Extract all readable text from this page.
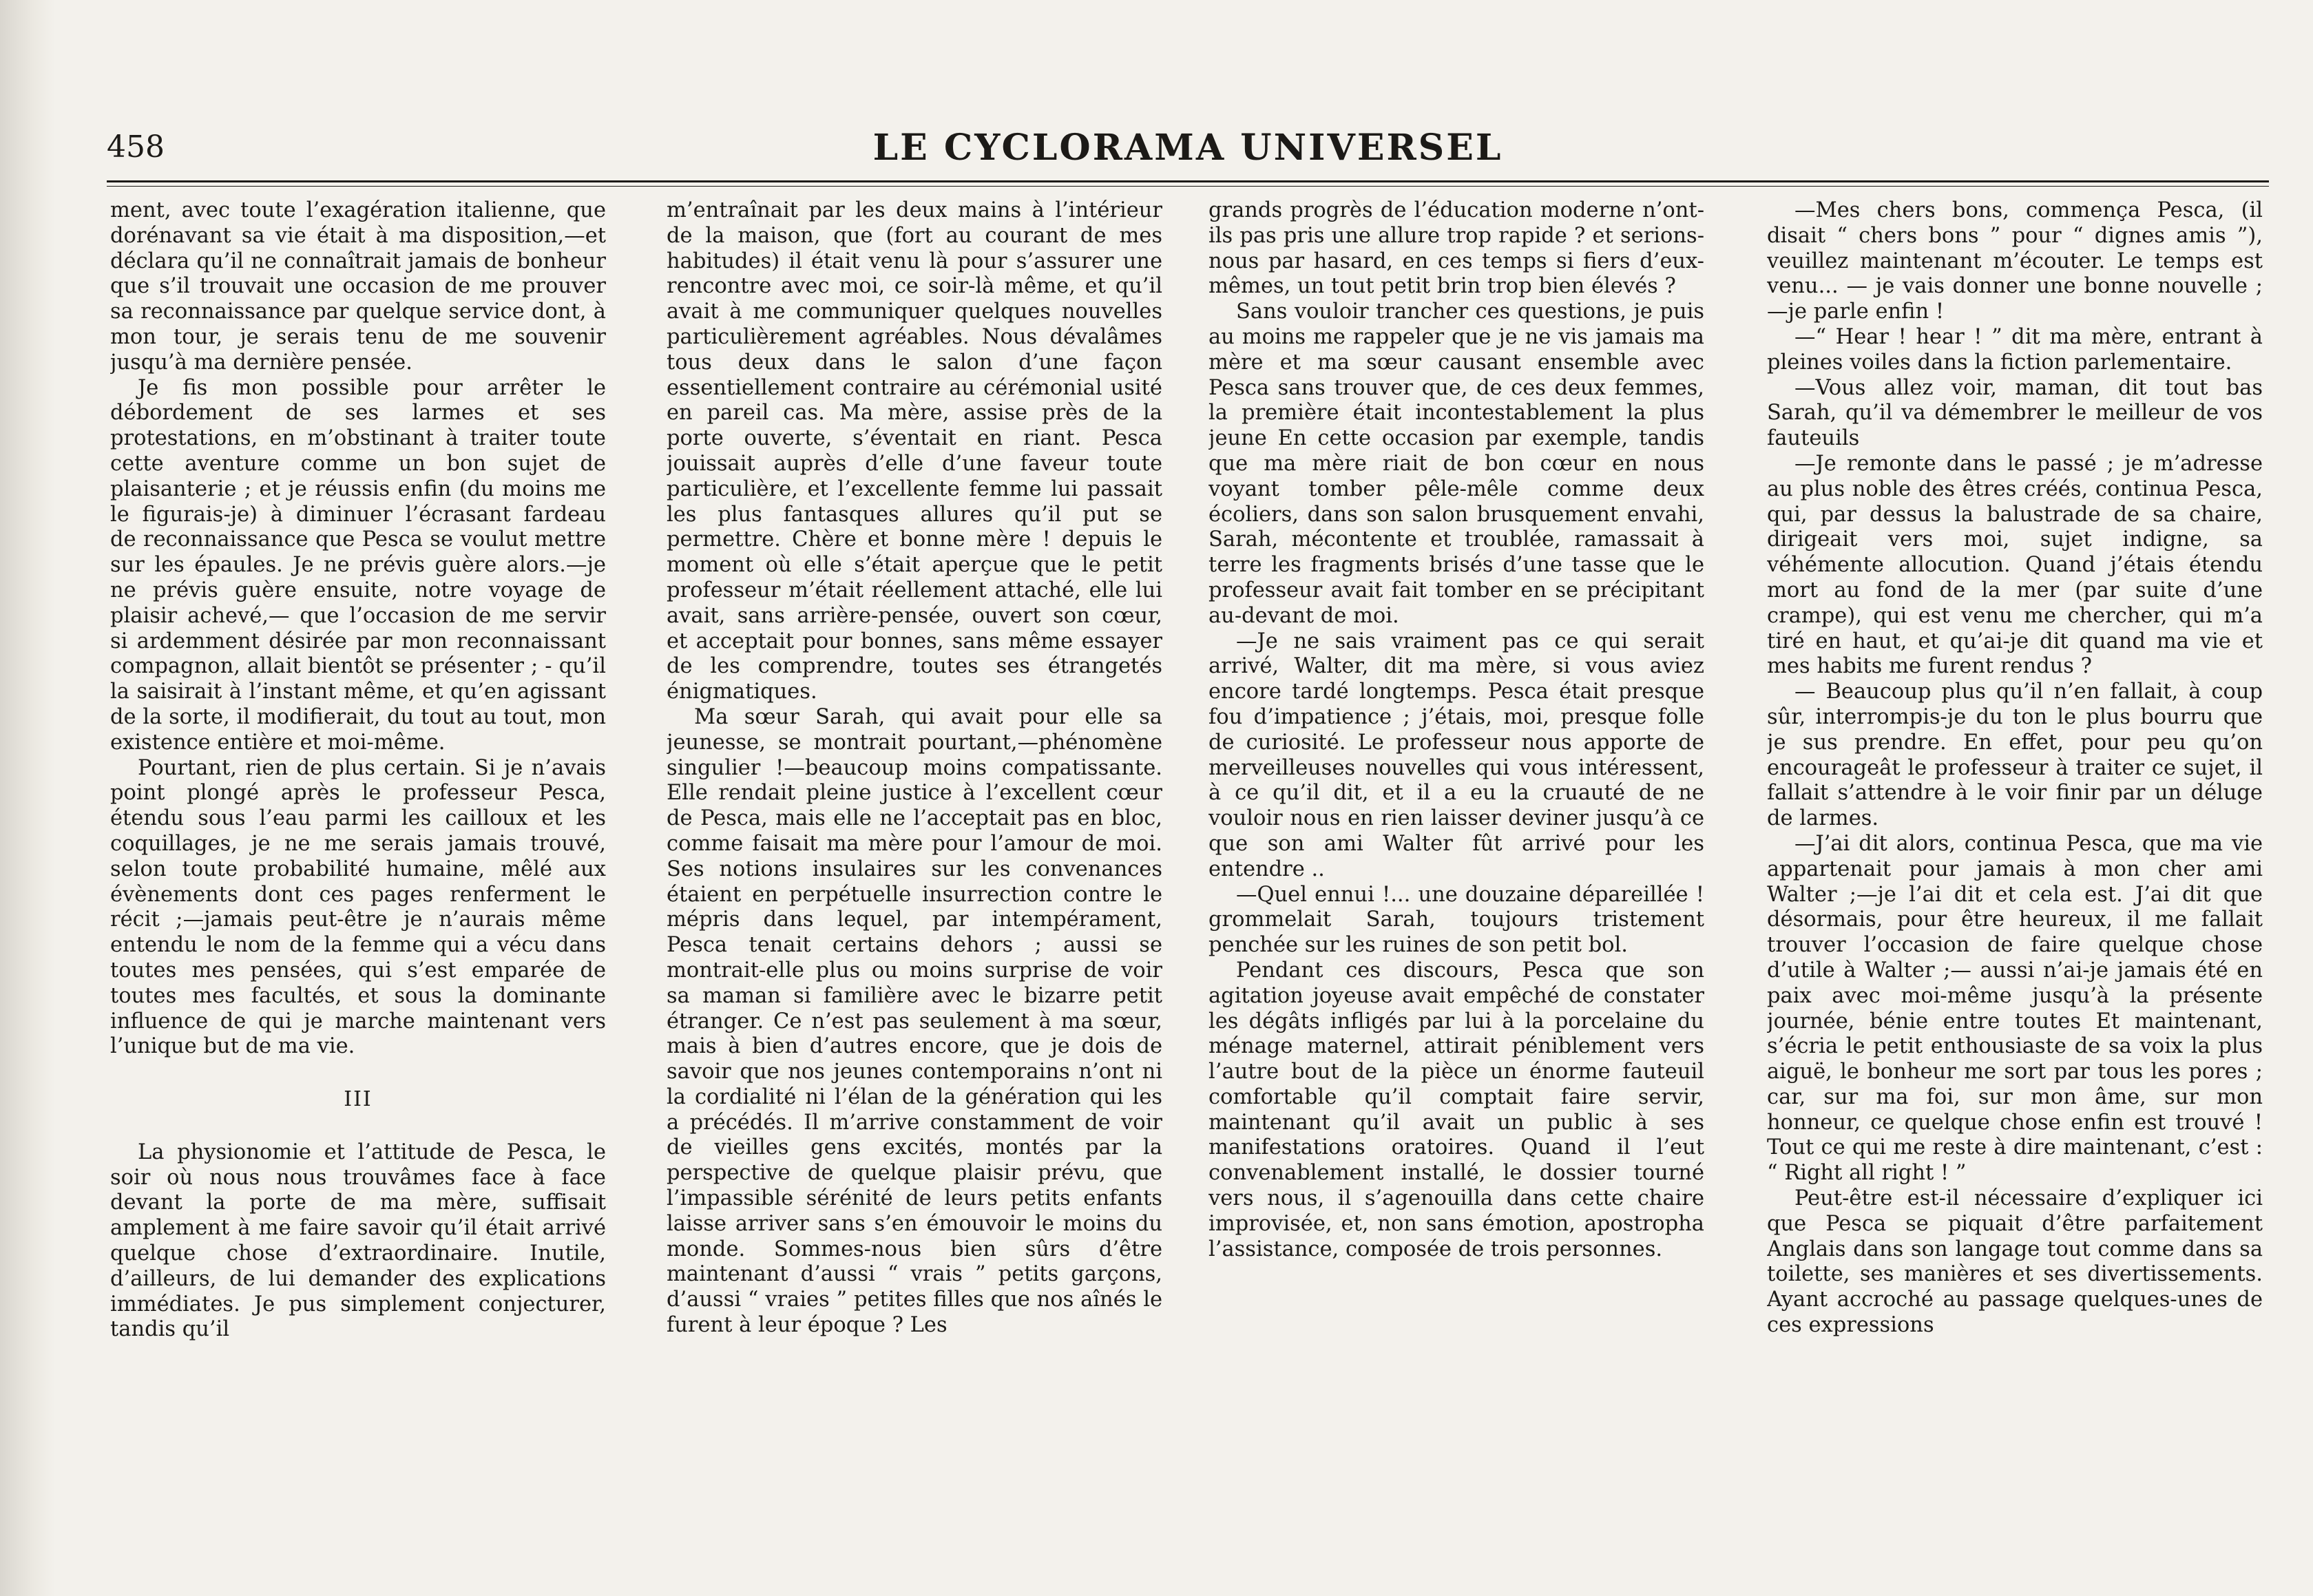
458	LE CYCLORAMA UNIVERSEL

ment, avec toute l’exagération italienne, que dorénavant sa vie était à ma disposition,—et déclara qu’il ne connaîtrait jamais de bonheur que s’il trouvait une occasion de me prouver sa reconnaissance par quelque service dont, à mon tour, je serais tenu de me souvenir jusqu’à ma dernière pensée.

Je fis mon possible pour arrêter le débordement de ses larmes et ses protestations, en m’obstinant à traiter toute cette aventure comme un bon sujet de plaisanterie ; et je réussis enfin (du moins me le figurais-je) à diminuer l’écrasant fardeau de reconnaissance que Pesca se voulut mettre sur les épaules. Je ne prévis guère alors.—je ne prévis guère ensuite, notre voyage de plaisir achevé,— que l’occasion de me servir si ardemment désirée par mon reconnaissant compagnon, allait bientôt se présenter ; - qu’il la saisirait à l’instant même, et qu’en agissant de la sorte, il modifierait, du tout au tout, mon existence entière et moi-même.

Pourtant, rien de plus certain. Si je n’avais point plongé après le professeur Pesca, étendu sous l’eau parmi les cailloux et les coquillages, je ne me serais jamais trouvé, selon toute probabilité humaine, mêlé aux évènements dont ces pages renferment le récit ;—jamais peut-être je n’aurais même entendu le nom de la femme qui a vécu dans toutes mes pensées, qui s’est emparée de toutes mes facultés, et sous la dominante influence de qui je marche maintenant vers l’unique but de ma vie.

III

La physionomie et l’attitude de Pesca, le soir où nous nous trouvâmes face à face devant la porte de ma mère, suffisait amplement à me faire savoir qu’il était arrivé quelque chose d’extraordinaire. Inutile, d’ailleurs, de lui demander des explications immédiates. Je pus simplement conjecturer, tandis qu’il

m’entraînait par les deux mains à l’intérieur de la maison, que (fort au courant de mes habitudes) il était venu là pour s’assurer une rencontre avec moi, ce soir-là même, et qu’il avait à me communiquer quelques nouvelles particulièrement agréables. Nous dévalâmes tous deux dans le salon d’une façon essentiellement contraire au cérémonial usité en pareil cas. Ma mère, assise près de la porte ouverte, s’éventait en riant. Pesca jouissait auprès d’elle d’une faveur toute particulière, et l’excellente femme lui passait les plus fantasques allures qu’il put se permettre. Chère et bonne mère ! depuis le moment où elle s’était aperçue que le petit professeur m’était réellement attaché, elle lui avait, sans arrière-pensée, ouvert son cœur, et acceptait pour bonnes, sans même essayer de les comprendre, toutes ses étrangetés énigmatiques.

Ma sœur Sarah, qui avait pour elle sa jeunesse, se montrait pourtant,—phénomène singulier !—beaucoup moins compatissante. Elle rendait pleine justice à l’excellent cœur de Pesca, mais elle ne l’acceptait pas en bloc, comme faisait ma mère pour l’amour de moi. Ses notions insulaires sur les convenances étaient en perpétuelle insurrection contre le mépris dans lequel, par intempérament, Pesca tenait certains dehors ; aussi se montrait-elle plus ou moins surprise de voir sa maman si familière avec le bizarre petit étranger. Ce n’est pas seulement à ma sœur, mais à bien d’autres encore, que je dois de savoir que nos jeunes contemporains n’ont ni la cordialité ni l’élan de la génération qui les a précédés. Il m’arrive constamment de voir de vieilles gens excités, montés par la perspective de quelque plaisir prévu, que l’impassible sérénité de leurs petits enfants laisse arriver sans s’en émouvoir le moins du monde. Sommes-nous bien sûrs d’être maintenant d’aussi “ vrais ” petits garçons, d’aussi “ vraies ” petites filles que nos aînés le furent à leur époque ? Les

grands progrès de l’éducation moderne n’ont-ils pas pris une allure trop rapide ? et serions-nous par hasard, en ces temps si fiers d’eux-mêmes, un tout petit brin trop bien élevés ?

Sans vouloir trancher ces questions, je puis au moins me rappeler que je ne vis jamais ma mère et ma sœur causant ensemble avec Pesca sans trouver que, de ces deux femmes, la première était incontestablement la plus jeune En cette occasion par exemple, tandis que ma mère riait de bon cœur en nous voyant tomber pêle-mêle comme deux écoliers, dans son salon brusquement envahi, Sarah, mécontente et troublée, ramassait à terre les fragments brisés d’une tasse que le professeur avait fait tomber en se précipitant au-devant de moi.

—Je ne sais vraiment pas ce qui serait arrivé, Walter, dit ma mère, si vous aviez encore tardé longtemps. Pesca était presque fou d’impatience ; j’étais, moi, presque folle de curiosité. Le professeur nous apporte de merveilleuses nouvelles qui vous intéressent, à ce qu’il dit, et il a eu la cruauté de ne vouloir nous en rien laisser deviner jusqu’à ce que son ami Walter fût arrivé pour les entendre ..

—Quel ennui !... une douzaine dépareillée ! grommelait Sarah, toujours tristement penchée sur les ruines de son petit bol.

Pendant ces discours, Pesca que son agitation joyeuse avait empêché de constater les dégâts infligés par lui à la porcelaine du ménage maternel, attirait péniblement vers l’autre bout de la pièce un énorme fauteuil comfortable qu’il comptait faire servir, maintenant qu’il avait un public à ses manifestations oratoires. Quand il l’eut convenablement installé, le dossier tourné vers nous, il s’agenouilla dans cette chaire improvisée, et, non sans émotion, apostropha l’assistance, composée de trois personnes.

—Mes chers bons, commença Pesca, (il disait “ chers bons ” pour “ dignes amis ”), veuillez maintenant m’écouter. Le temps est venu... — je vais donner une bonne nouvelle ;—je parle enfin !

—“ Hear ! hear ! ” dit ma mère, entrant à pleines voiles dans la fiction parlementaire.

—Vous allez voir, maman, dit tout bas Sarah, qu’il va démembrer le meilleur de vos fauteuils

—Je remonte dans le passé ; je m’adresse au plus noble des êtres créés, continua Pesca, qui, par dessus la balustrade de sa chaire, dirigeait vers moi, sujet indigne, sa véhémente allocution. Quand j’étais étendu mort au fond de la mer (par suite d’une crampe), qui est venu me chercher, qui m’a tiré en haut, et qu’ai-je dit quand ma vie et mes habits me furent rendus ?

— Beaucoup plus qu’il n’en fallait, à coup sûr, interrompis-je du ton le plus bourru que je sus prendre. En effet, pour peu qu’on encourageât le professeur à traiter ce sujet, il fallait s’attendre à le voir finir par un déluge de larmes.

—J’ai dit alors, continua Pesca, que ma vie appartenait pour jamais à mon cher ami Walter ;—je l’ai dit et cela est. J’ai dit que désormais, pour être heureux, il me fallait trouver l’occasion de faire quelque chose d’utile à Walter ;— aussi n’ai-je jamais été en paix avec moi-même jusqu’à la présente journée, bénie entre toutes Et maintenant, s’écria le petit enthousiaste de sa voix la plus aiguë, le bonheur me sort par tous les pores ; car, sur ma foi, sur mon âme, sur mon honneur, ce quelque chose enfin est trouvé ! Tout ce qui me reste à dire maintenant, c’est : “ Right all right ! ”

Peut-être est-il nécessaire d’expliquer ici que Pesca se piquait d’être parfaitement Anglais dans son langage tout comme dans sa toilette, ses manières et ses divertissements. Ayant accroché au passage quelques-unes de ces expressions
